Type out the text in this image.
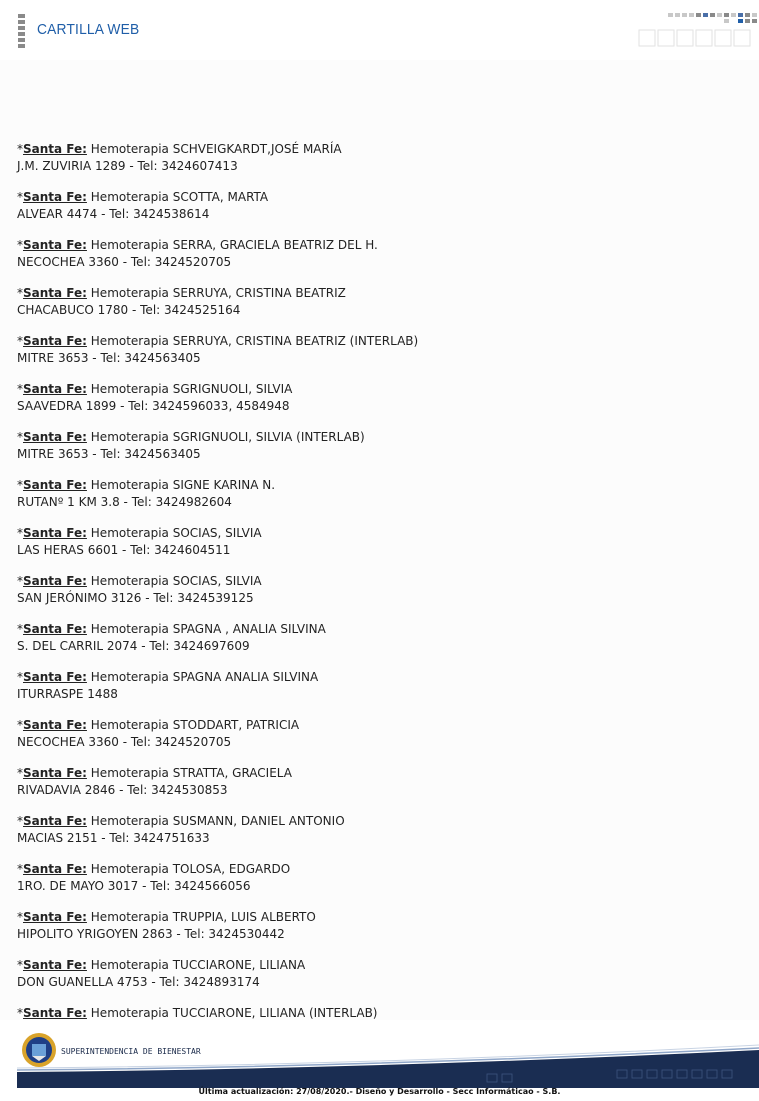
CARTILLA WEB
*Santa Fe: Hemoterapia SCHVEIGKARDT,JOSÉ MARÍA
J.M. ZUVIRIA 1289 - Tel: 3424607413
*Santa Fe: Hemoterapia SCOTTA, MARTA
ALVEAR 4474 - Tel: 3424538614
*Santa Fe: Hemoterapia SERRA, GRACIELA BEATRIZ DEL H.
NECOCHEA 3360 - Tel: 3424520705
*Santa Fe: Hemoterapia SERRUYA, CRISTINA BEATRIZ
CHACABUCO 1780 - Tel: 3424525164
*Santa Fe: Hemoterapia SERRUYA, CRISTINA BEATRIZ (INTERLAB)
MITRE 3653 - Tel: 3424563405
*Santa Fe: Hemoterapia SGRIGNUOLI, SILVIA
SAAVEDRA 1899 - Tel: 3424596033, 4584948
*Santa Fe: Hemoterapia SGRIGNUOLI, SILVIA (INTERLAB)
MITRE 3653 - Tel: 3424563405
*Santa Fe: Hemoterapia SIGNE KARINA N.
RUTANº 1 KM 3.8 - Tel: 3424982604
*Santa Fe: Hemoterapia SOCIAS, SILVIA
LAS HERAS 6601 - Tel: 3424604511
*Santa Fe: Hemoterapia SOCIAS, SILVIA
SAN JERÓNIMO 3126 - Tel: 3424539125
*Santa Fe: Hemoterapia SPAGNA , ANALIA SILVINA
S. DEL CARRIL 2074 - Tel: 3424697609
*Santa Fe: Hemoterapia SPAGNA ANALIA SILVINA
ITURRASPE 1488
*Santa Fe: Hemoterapia STODDART, PATRICIA
NECOCHEA 3360 - Tel: 3424520705
*Santa Fe: Hemoterapia STRATTA, GRACIELA
RIVADAVIA 2846 - Tel: 3424530853
*Santa Fe: Hemoterapia SUSMANN, DANIEL ANTONIO
MACIAS 2151 - Tel: 3424751633
*Santa Fe: Hemoterapia TOLOSA, EDGARDO
1RO. DE MAYO 3017 - Tel: 3424566056
*Santa Fe: Hemoterapia TRUPPIA, LUIS ALBERTO
HIPOLITO YRIGOYEN 2863 - Tel: 3424530442
*Santa Fe: Hemoterapia TUCCIARONE, LILIANA
DON GUANELLA 4753 - Tel: 3424893174
*Santa Fe: Hemoterapia TUCCIARONE, LILIANA (INTERLAB)
SUPERINTENDENCIA DE BIENESTAR
Última actualización: 27/08/2020.- Diseño y Desarrollo - Secc Informáticao - S.B.
